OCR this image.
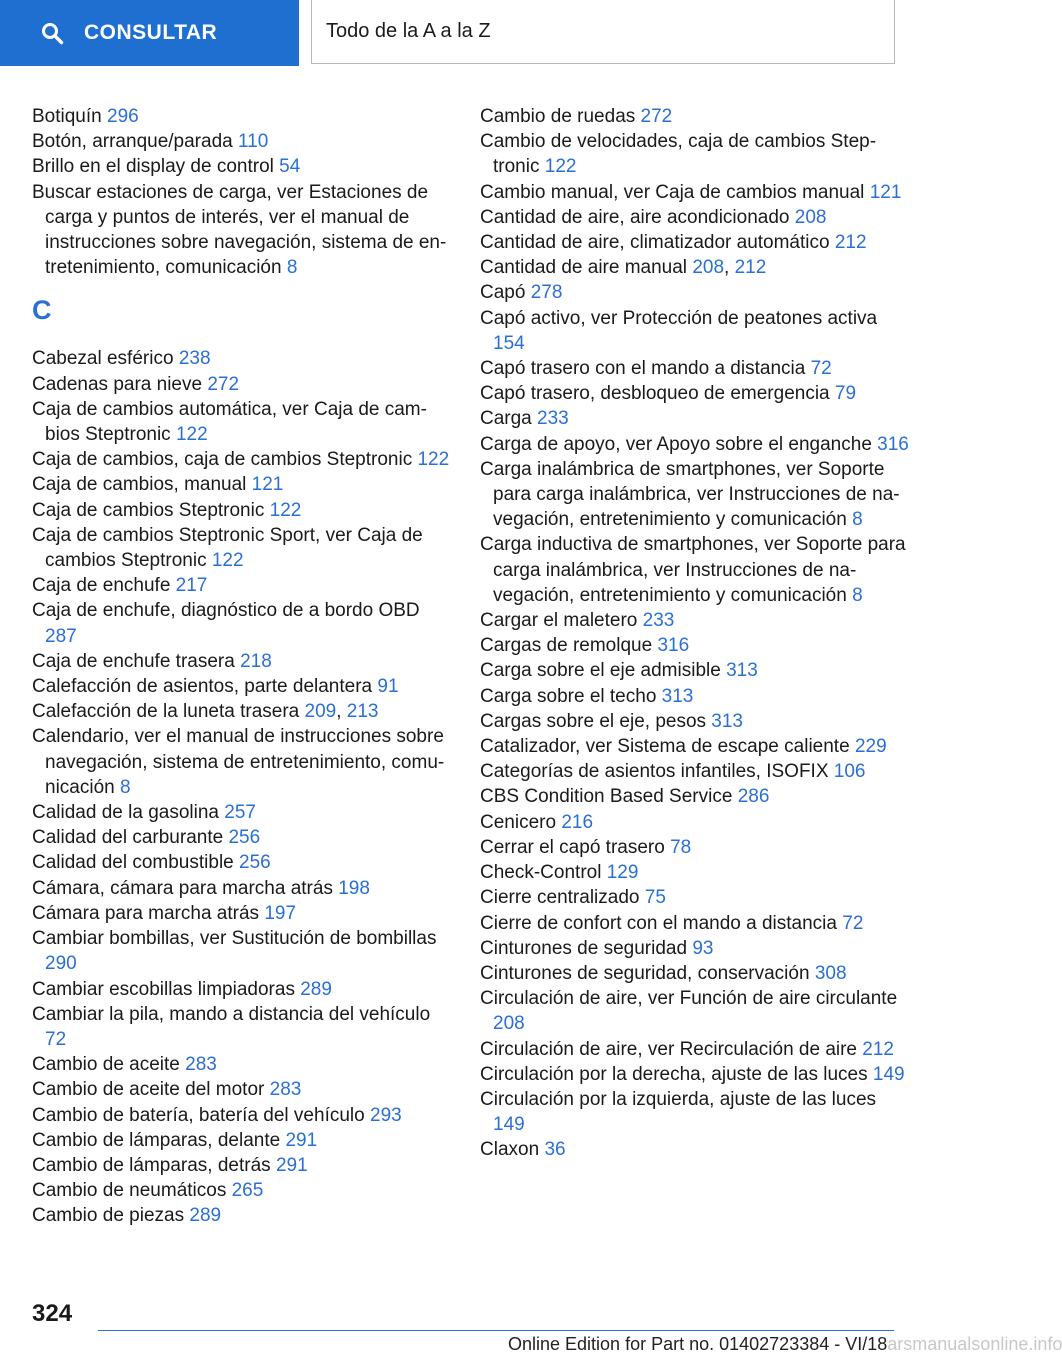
CONSULTAR	Todo de la A a la Z
Botiquín 296
Botón, arranque/parada 110
Brillo en el display de control 54
Buscar estaciones de carga, ver Estaciones de carga y puntos de interés, ver el manual de instrucciones sobre navegación, sistema de entretenimiento, comunicación 8
C
Cabezal esférico 238
Cadenas para nieve 272
Caja de cambios automática, ver Caja de cambios Steptronic 122
Caja de cambios, caja de cambios Steptronic 122
Caja de cambios, manual 121
Caja de cambios Steptronic 122
Caja de cambios Steptronic Sport, ver Caja de cambios Steptronic 122
Caja de enchufe 217
Caja de enchufe, diagnóstico de a bordo OBD 287
Caja de enchufe trasera 218
Calefacción de asientos, parte delantera 91
Calefacción de la luneta trasera 209, 213
Calendario, ver el manual de instrucciones sobre navegación, sistema de entretenimiento, comunicación 8
Calidad de la gasolina 257
Calidad del carburante 256
Calidad del combustible 256
Cámara, cámara para marcha atrás 198
Cámara para marcha atrás 197
Cambiar bombillas, ver Sustitución de bombillas 290
Cambiar escobillas limpiadoras 289
Cambiar la pila, mando a distancia del vehículo 72
Cambio de aceite 283
Cambio de aceite del motor 283
Cambio de batería, batería del vehículo 293
Cambio de lámparas, delante 291
Cambio de lámparas, detrás 291
Cambio de neumáticos 265
Cambio de piezas 289
Cambio de ruedas 272
Cambio de velocidades, caja de cambios Steptronic 122
Cambio manual, ver Caja de cambios manual 121
Cantidad de aire, aire acondicionado 208
Cantidad de aire, climatizador automático 212
Cantidad de aire manual 208, 212
Capó 278
Capó activo, ver Protección de peatones activa 154
Capó trasero con el mando a distancia 72
Capó trasero, desbloqueo de emergencia 79
Carga 233
Carga de apoyo, ver Apoyo sobre el enganche 316
Carga inalámbrica de smartphones, ver Soporte para carga inalámbrica, ver Instrucciones de navegación, entretenimiento y comunicación 8
Carga inductiva de smartphones, ver Soporte para carga inalámbrica, ver Instrucciones de navegación, entretenimiento y comunicación 8
Cargar el maletero 233
Cargas de remolque 316
Carga sobre el eje admisible 313
Carga sobre el techo 313
Cargas sobre el eje, pesos 313
Catalizador, ver Sistema de escape caliente 229
Categorías de asientos infantiles, ISOFIX 106
CBS Condition Based Service 286
Cenicero 216
Cerrar el capó trasero 78
Check-Control 129
Cierre centralizado 75
Cierre de confort con el mando a distancia 72
Cinturones de seguridad 93
Cinturones de seguridad, conservación 308
Circulación de aire, ver Función de aire circulante 208
Circulación de aire, ver Recirculación de aire 212
Circulación por la derecha, ajuste de las luces 149
Circulación por la izquierda, ajuste de las luces 149
Claxon 36
324
Online Edition for Part no. 01402723384 - VI/18arsmanualsonline.info
